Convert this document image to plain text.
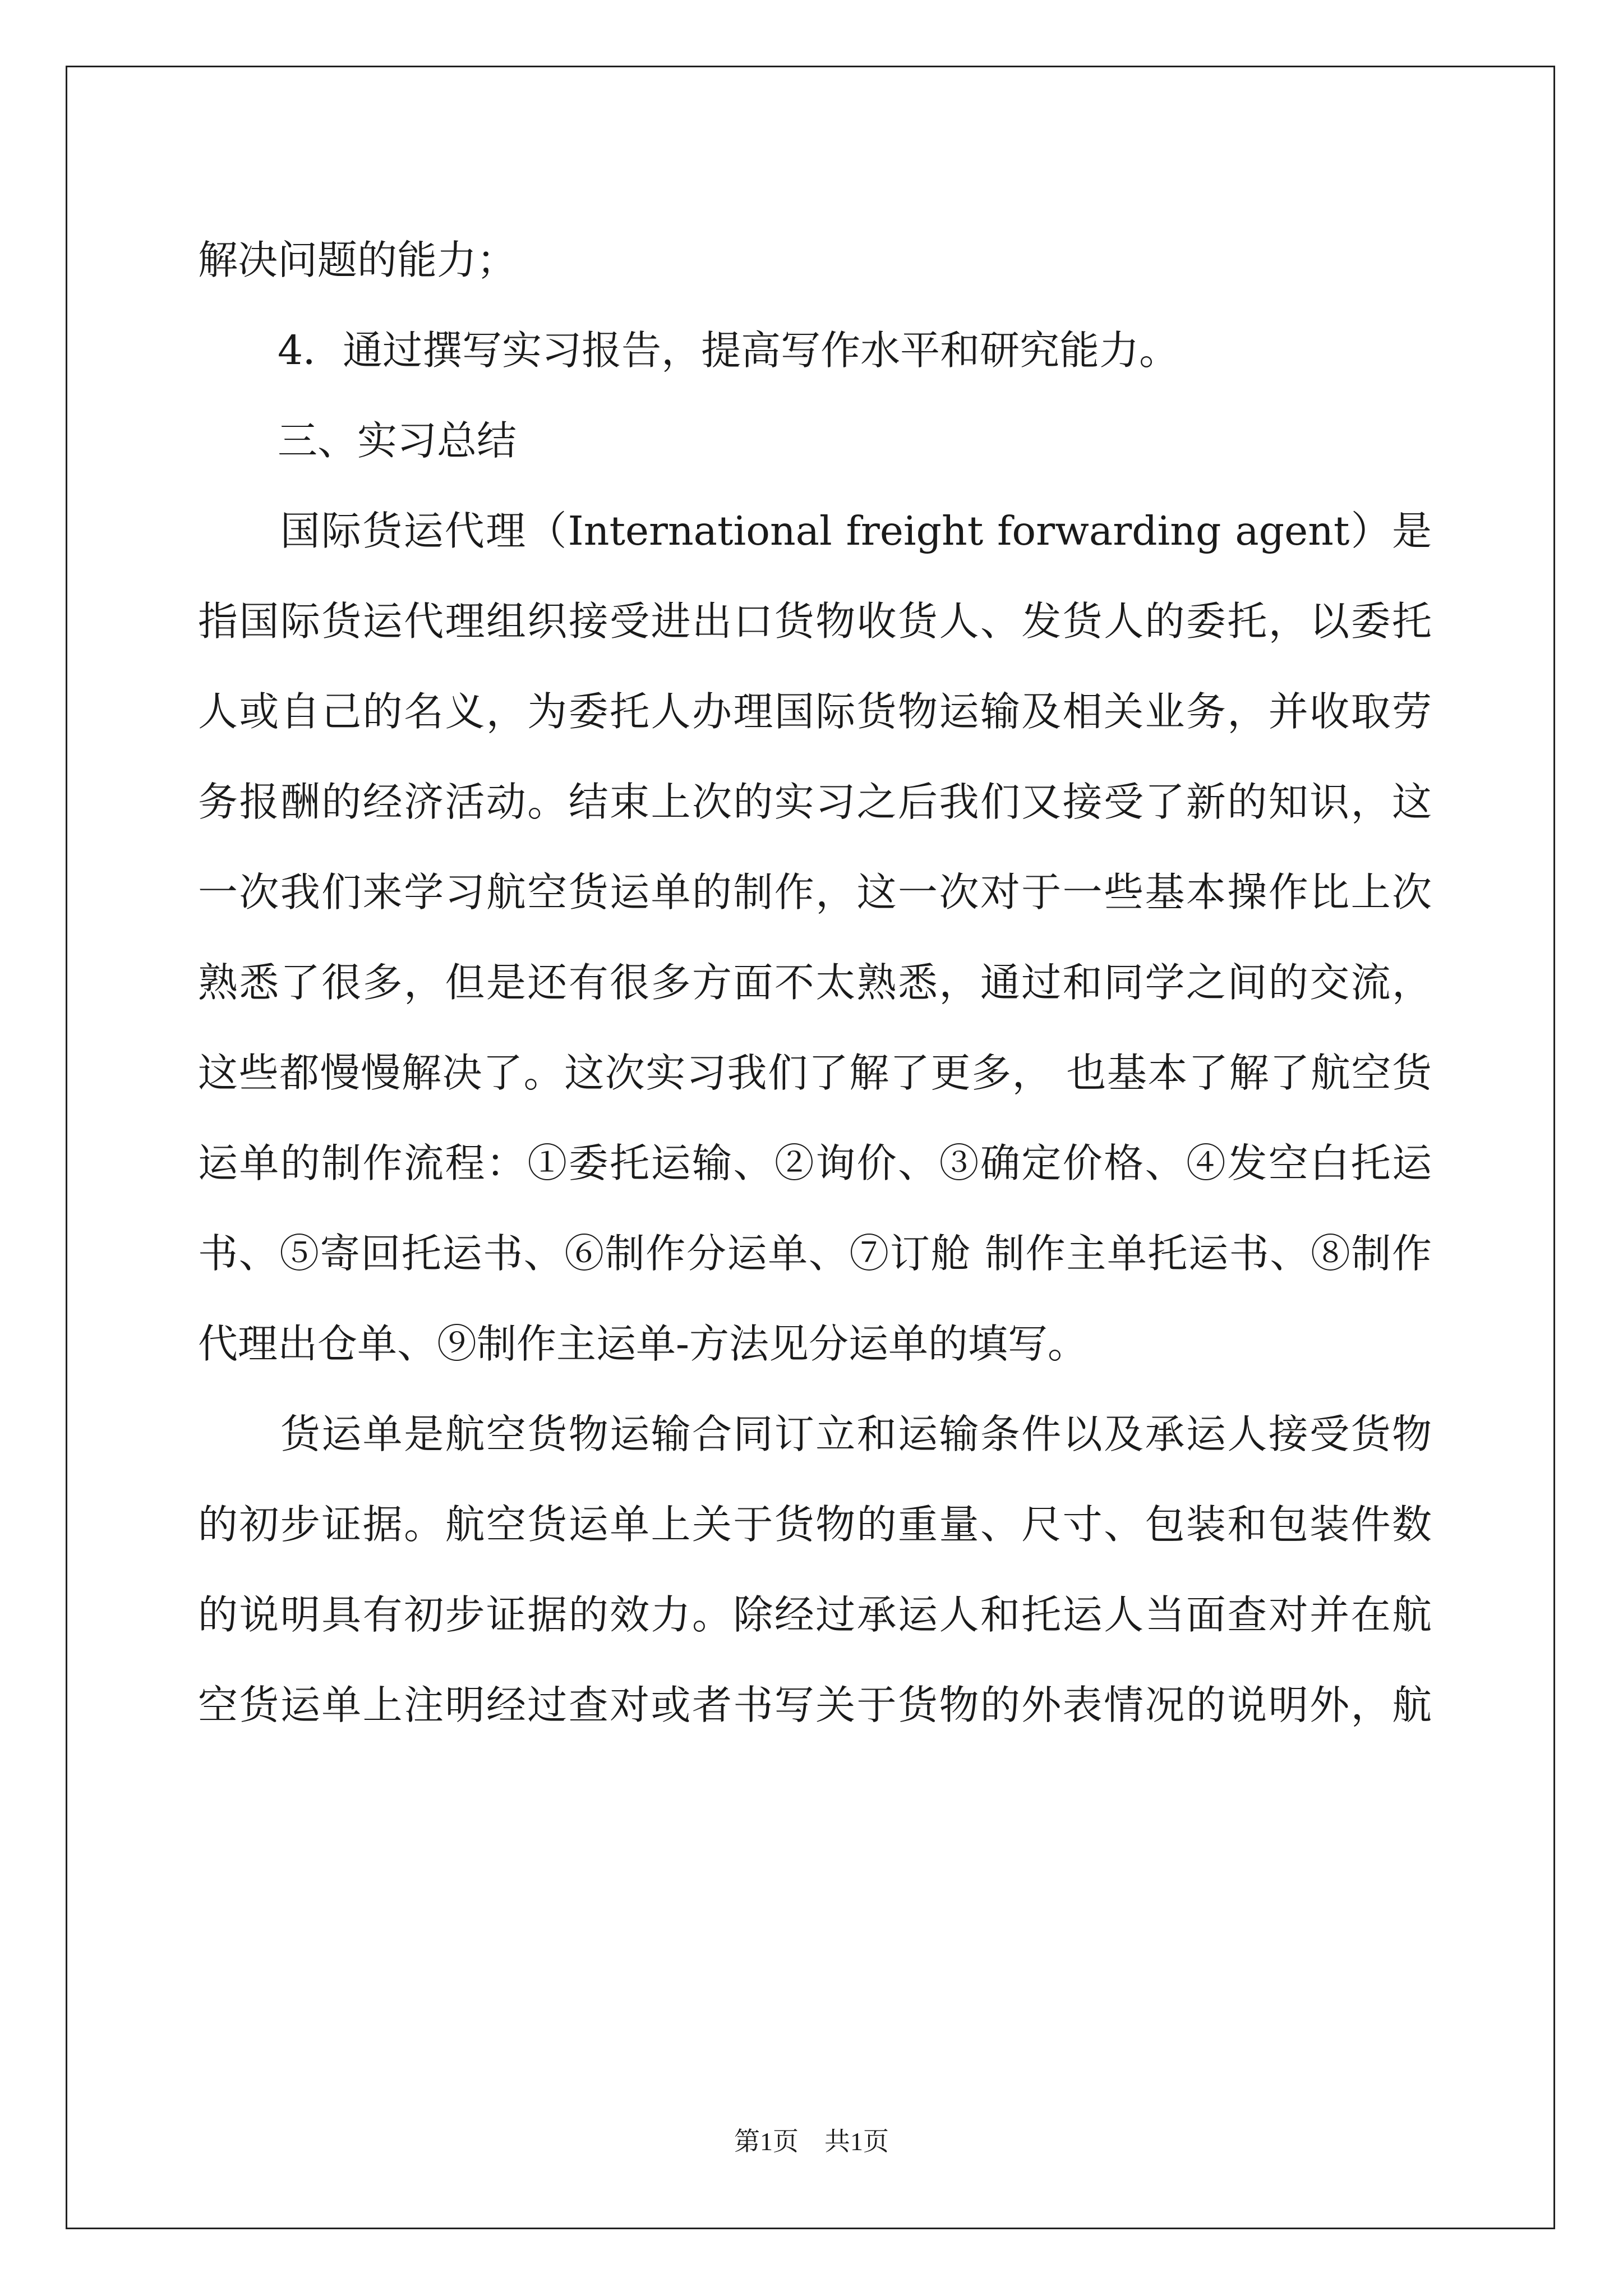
解决问题的能力；
　　4．通过撰写实习报告，提高写作水平和研究能力。
　　三、实习总结
　　国际货运代理（International freight forwarding agent）是
指国际货运代理组织接受进出口货物收货人、发货人的委托，以委托
人或自己的名义，为委托人办理国际货物运输及相关业务，并收取劳
务报酬的经济活动。结束上次的实习之后我们又接受了新的知识，这
一次我们来学习航空货运单的制作，这一次对于一些基本操作比上次
熟悉了很多，但是还有很多方面不太熟悉，通过和同学之间的交流，
这些都慢慢解决了。这次实习我们了解了更多， 也基本了解了航空货
运单的制作流程：①委托运输、②询价、③确定价格、④发空白托运
书、⑤寄回托运书、⑥制作分运单、⑦订舱 制作主单托运书、⑧制作
代理出仓单、⑨制作主运单-方法见分运单的填写。
　　货运单是航空货物运输合同订立和运输条件以及承运人接受货物
的初步证据。航空货运单上关于货物的重量、尺寸、包装和包装件数
的说明具有初步证据的效力。除经过承运人和托运人当面查对并在航
空货运单上注明经过查对或者书写关于货物的外表情况的说明外，航
第1页　共1页
